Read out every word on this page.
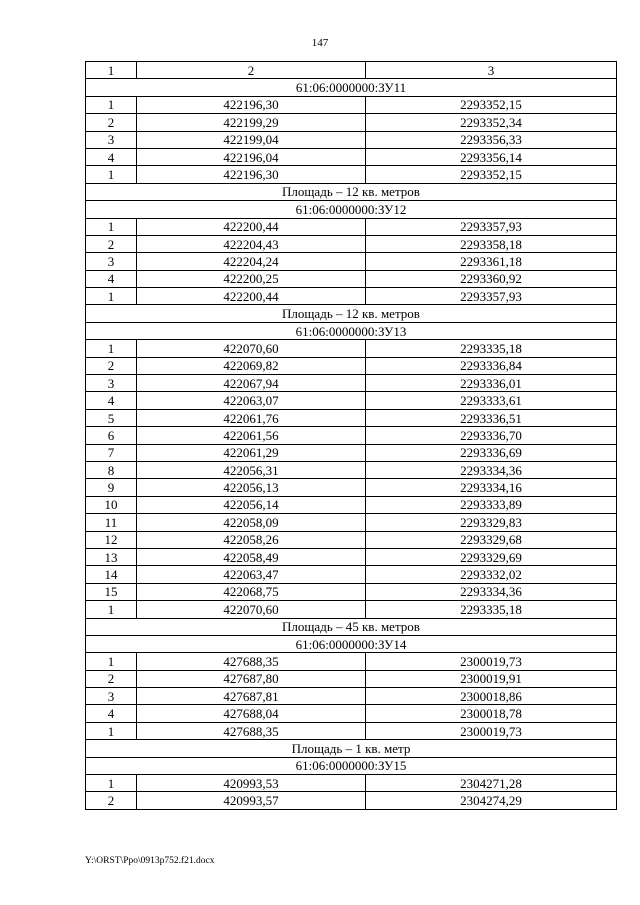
147
1	2	3
61:06:0000000:ЗУ11		
1	422196,30	2293352,15
2	422199,29	2293352,34
3	422199,04	2293356,33
4	422196,04	2293356,14
1	422196,30	2293352,15
Площадь – 12 кв. метров		
61:06:0000000:ЗУ12		
1	422200,44	2293357,93
2	422204,43	2293358,18
3	422204,24	2293361,18
4	422200,25	2293360,92
1	422200,44	2293357,93
Площадь – 12 кв. метров		
61:06:0000000:ЗУ13		
1	422070,60	2293335,18
2	422069,82	2293336,84
3	422067,94	2293336,01
4	422063,07	2293333,61
5	422061,76	2293336,51
6	422061,56	2293336,70
7	422061,29	2293336,69
8	422056,31	2293334,36
9	422056,13	2293334,16
10	422056,14	2293333,89
11	422058,09	2293329,83
12	422058,26	2293329,68
13	422058,49	2293329,69
14	422063,47	2293332,02
15	422068,75	2293334,36
1	422070,60	2293335,18
Площадь – 45 кв. метров		
61:06:0000000:ЗУ14		
1	427688,35	2300019,73
2	427687,80	2300019,91
3	427687,81	2300018,86
4	427688,04	2300018,78
1	427688,35	2300019,73
Площадь – 1 кв. метр		
61:06:0000000:ЗУ15		
1	420993,53	2304271,28
2	420993,57	2304274,29
Y:\ORST\Ppo\0913p752.f21.docx
